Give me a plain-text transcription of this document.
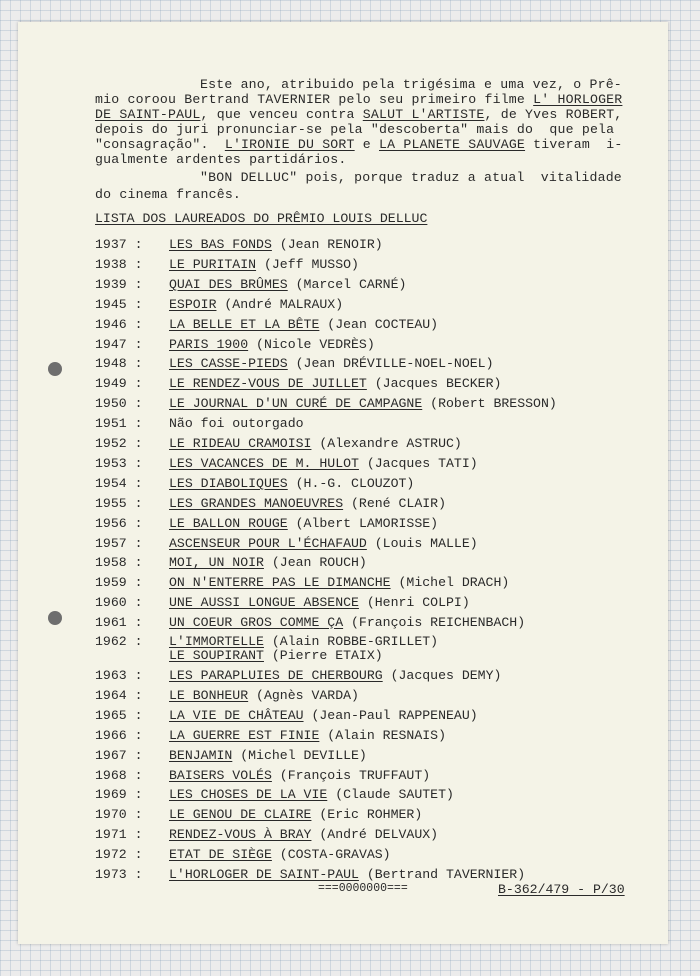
Este ano, atribuido pela trigésima e uma vez, o Prê-
mio coroou Bertrand TAVERNIER pelo seu primeiro filme L' HORLOGER
DE SAINT-PAUL, que venceu contra SALUT L'ARTISTE, de Yves ROBERT,
depois do juri pronunciar-se pela "descoberta" mais do  que pela
"consagração".  L'IRONIE DU SORT e LA PLANETE SAUVAGE tiveram  i-
gualmente ardentes partidários.
"BON DELLUC" pois, porque traduz a atual  vitalidade
do cinema francês.
LISTA DOS LAUREADOS DO PRÊMIO LOUIS DELLUC
1937 : LES BAS FONDS (Jean RENOIR)
1938 : LE PURITAIN (Jeff MUSSO)
1939 : QUAI DES BRÛMES (Marcel CARNÉ)
1945 : ESPOIR (André MALRAUX)
1946 : LA BELLE ET LA BÊTE (Jean COCTEAU)
1947 : PARIS 1900 (Nicole VEDRÈS)
1948 : LES CASSE-PIEDS (Jean DRÉVILLE-NOEL-NOEL)
1949 : LE RENDEZ-VOUS DE JUILLET (Jacques BECKER)
1950 : LE JOURNAL D'UN CURÉ DE CAMPAGNE (Robert BRESSON)
1951 : Não foi outorgado
1952 : LE RIDEAU CRAMOISI (Alexandre ASTRUC)
1953 : LES VACANCES DE M. HULOT (Jacques TATI)
1954 : LES DIABOLIQUES (H.-G. CLOUZOT)
1955 : LES GRANDES MANOEUVRES (René CLAIR)
1956 : LE BALLON ROUGE (Albert LAMORISSE)
1957 : ASCENSEUR POUR L'ÉCHAFAUD (Louis MALLE)
1958 : MOI, UN NOIR (Jean ROUCH)
1959 : ON N'ENTERRE PAS LE DIMANCHE (Michel DRACH)
1960 : UNE AUSSI LONGUE ABSENCE (Henri COLPI)
1961 : UN COEUR GROS COMME ÇA (François REICHENBACH)
1962 : L'IMMORTELLE (Alain ROBBE-GRILLET)
LE SOUPIRANT (Pierre ETAIX)
1963 : LES PARAPLUIES DE CHERBOURG (Jacques DEMY)
1964 : LE BONHEUR (Agnès VARDA)
1965 : LA VIE DE CHÂTEAU (Jean-Paul RAPPENEAU)
1966 : LA GUERRE EST FINIE (Alain RESNAIS)
1967 : BENJAMIN (Michel DEVILLE)
1968 : BAISERS VOLÉS (François TRUFFAUT)
1969 : LES CHOSES DE LA VIE (Claude SAUTET)
1970 : LE GENOU DE CLAIRE (Eric ROHMER)
1971 : RENDEZ-VOUS À BRAY (André DELVAUX)
1972 : ETAT DE SIÈGE (COSTA-GRAVAS)
1973 : L'HORLOGER DE SAINT-PAUL (Bertrand TAVERNIER)
===0000000===	B-362/479 - P/30
